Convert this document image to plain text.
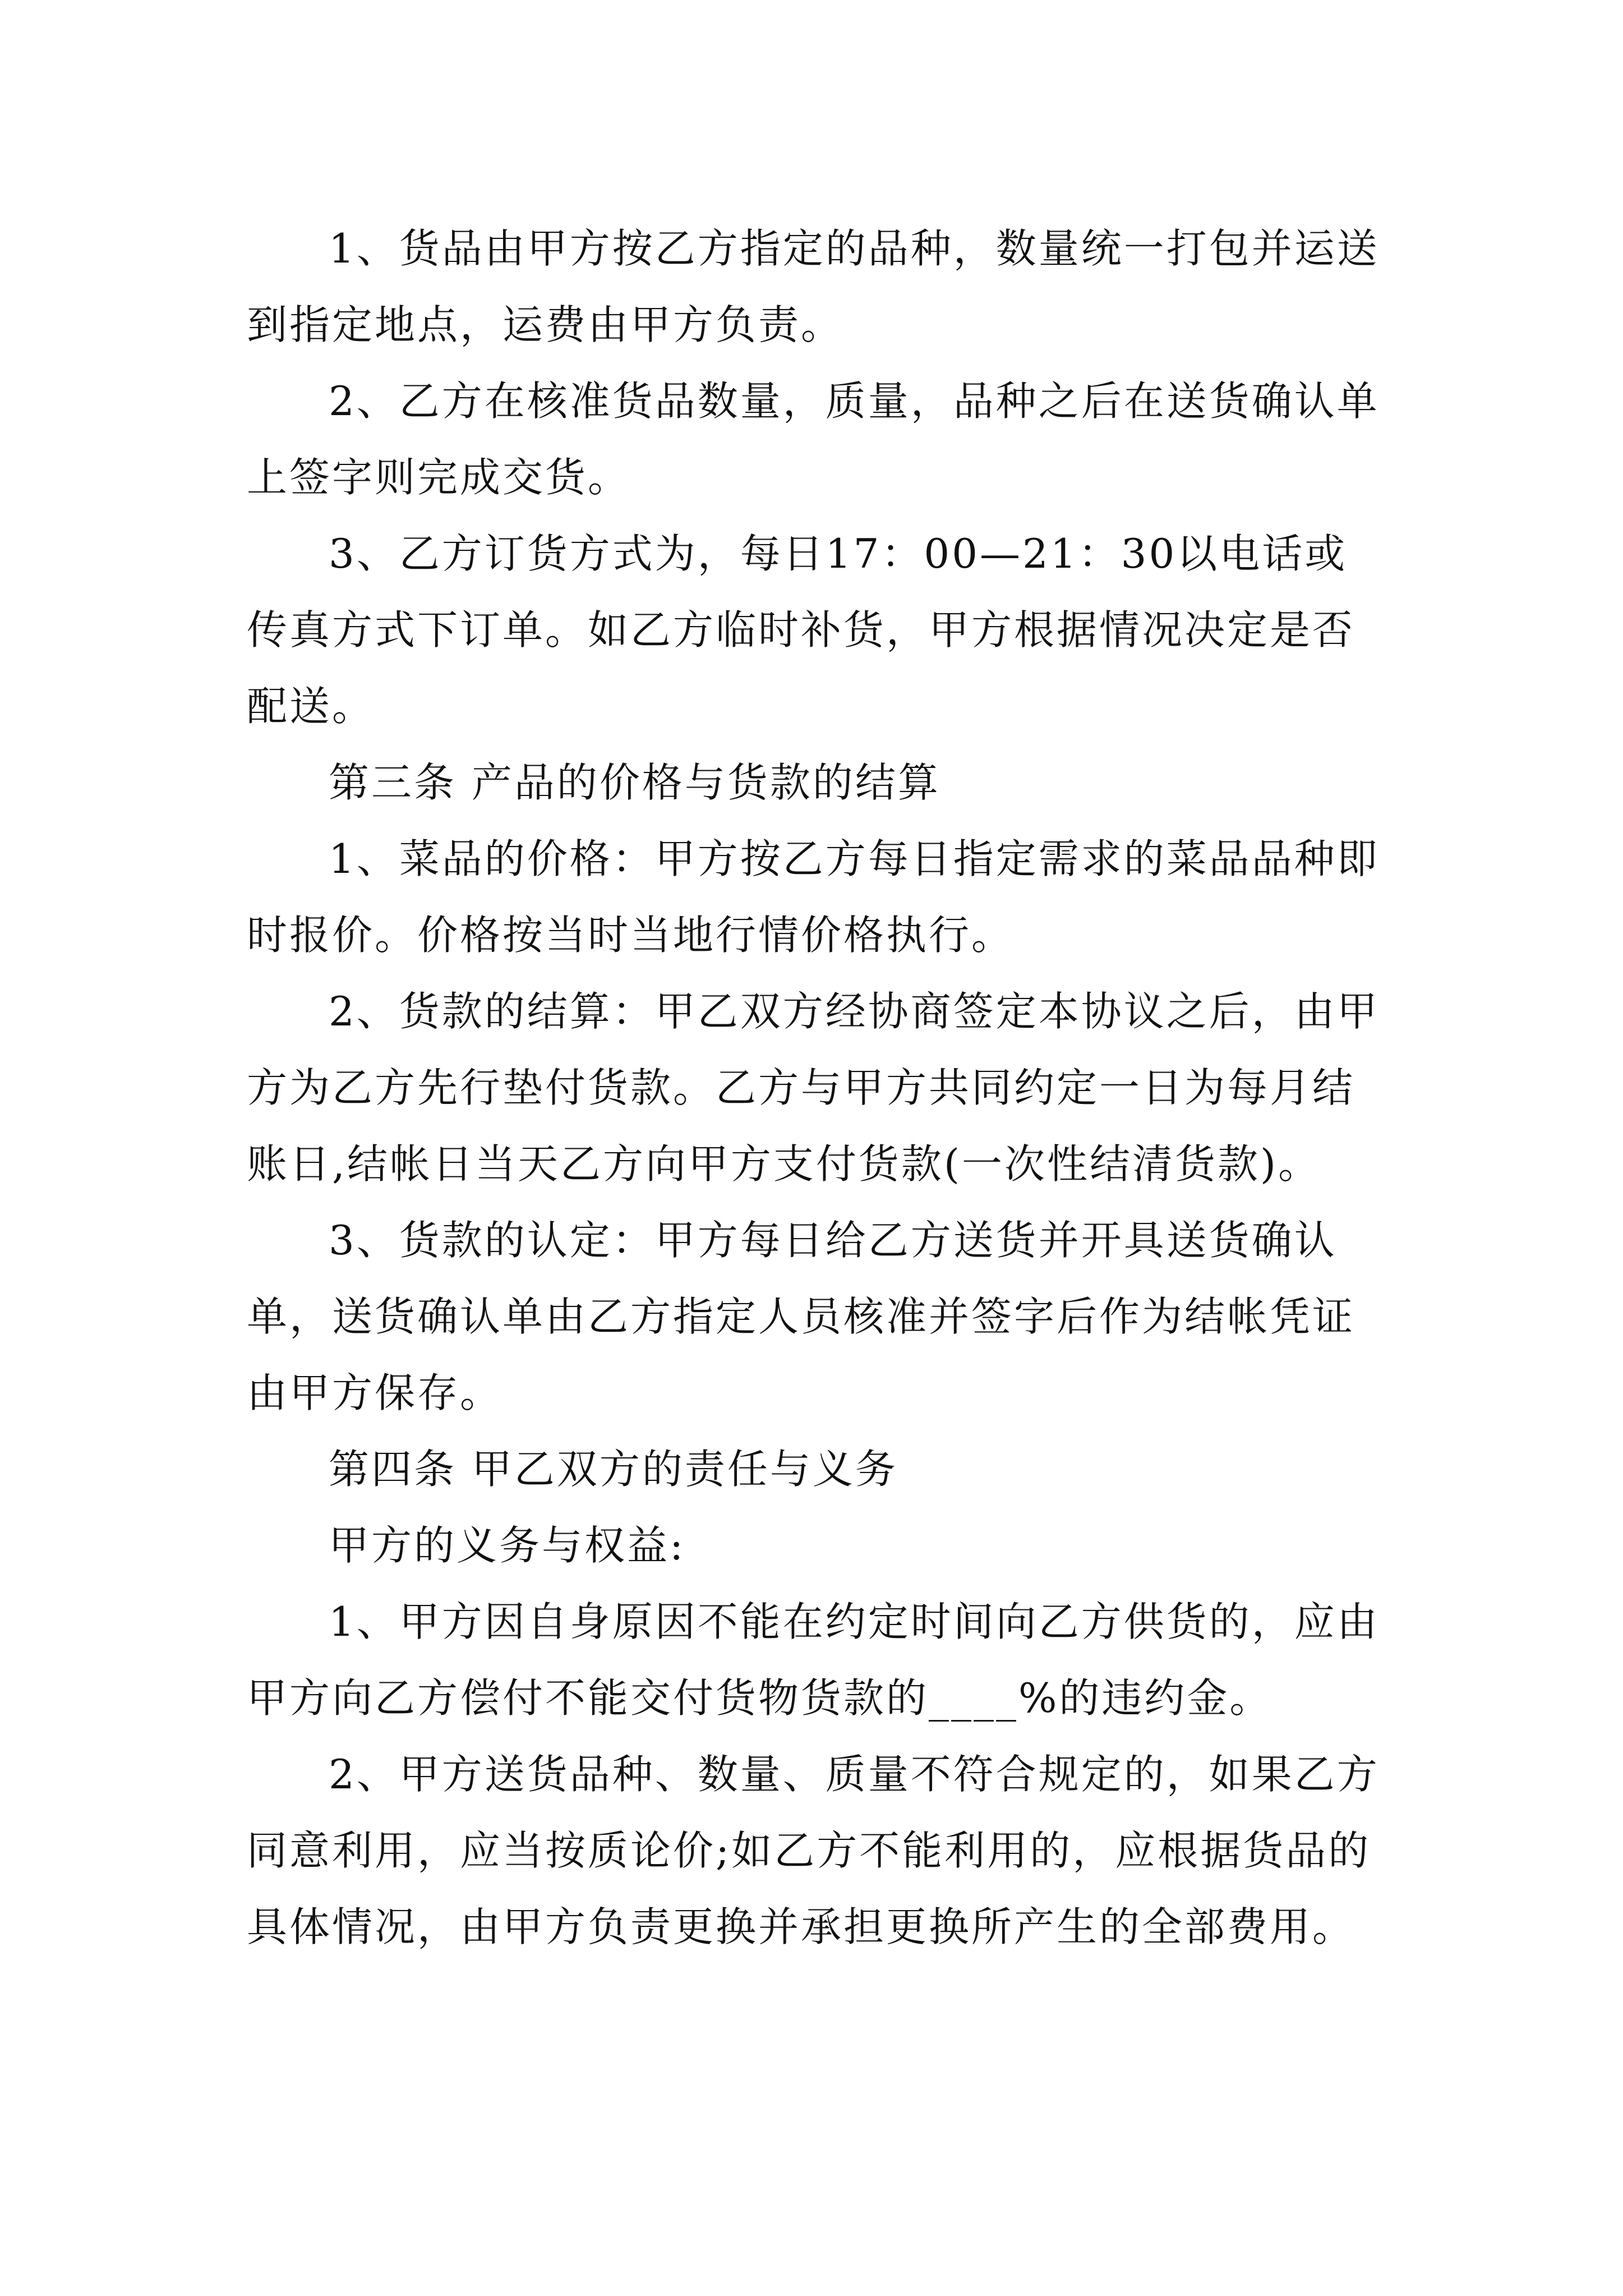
1、货品由甲方按乙方指定的品种，数量统一打包并运送到指定地点，运费由甲方负责。

2、乙方在核准货品数量，质量，品种之后在送货确认单上签字则完成交货。

3、乙方订货方式为，每日17：00—21：30以电话或传真方式下订单。如乙方临时补货，甲方根据情况决定是否配送。

第三条 产品的价格与货款的结算

1、菜品的价格：甲方按乙方每日指定需求的菜品品种即时报价。价格按当时当地行情价格执行。

2、货款的结算：甲乙双方经协商签定本协议之后，由甲方为乙方先行垫付货款。乙方与甲方共同约定一日为每月结账日,结帐日当天乙方向甲方支付货款(一次性结清货款)。

3、货款的认定：甲方每日给乙方送货并开具送货确认单，送货确认单由乙方指定人员核准并签字后作为结帐凭证由甲方保存。

第四条 甲乙双方的责任与义务

甲方的义务与权益:

1、甲方因自身原因不能在约定时间向乙方供货的，应由甲方向乙方偿付不能交付货物货款的____%的违约金。

2、甲方送货品种、数量、质量不符合规定的，如果乙方同意利用，应当按质论价;如乙方不能利用的，应根据货品的具体情况，由甲方负责更换并承担更换所产生的全部费用。
